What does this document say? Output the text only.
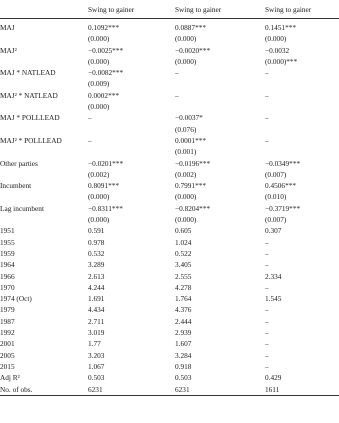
	Swing to gainer	Swing to gainer	Swing to gainer

MAJ	0.1092***	0.0887***	0.1451***
	(0.000)	(0.000)	(0.000)
MAJ²	−0.0025***	−0.0020***	−0.0032
	(0.000)	(0.000)	(0.000)***
MAJ * NATLEAD	−0.0082***	–	–
	(0.009)		
MAJ² * NATLEAD	0.0002***	–	–
	(0.000)		
MAJ * POLLLEAD	–	−0.0037*	–
		(0.076)	
MAJ² * POLLLEAD	–	0.0001***	–
		(0.001)	
Other parties	−0.0201***	−0.0196***	−0.0349***
	(0.002)	(0.002)	(0.007)
Incumbent	0.8091***	0.7991***	0.4506***
	(0.000)	(0.000)	(0.010)
Lag incumbent	−0.8311***	−0.8204***	−0.3719***
	(0.000)	(0.000)	(0.007)
1951	0.591	0.605	0.307
1955	0.978	1.024	–
1959	0.532	0.522	–
1964	3.289	3.405	–
1966	2.613	2.555	2.334
1970	4.244	4.278	–
1974 (Oct)	1.691	1.764	1.545
1979	4.434	4.376	–
1987	2.711	2.444	–
1992	3.019	2.939	–
2001	1.77	1.607	–
2005	3.203	3.284	–
2015	1.067	0.918	–
Adj R²	0.503	0.503	0.429
No. of obs.	6231	6231	1611
